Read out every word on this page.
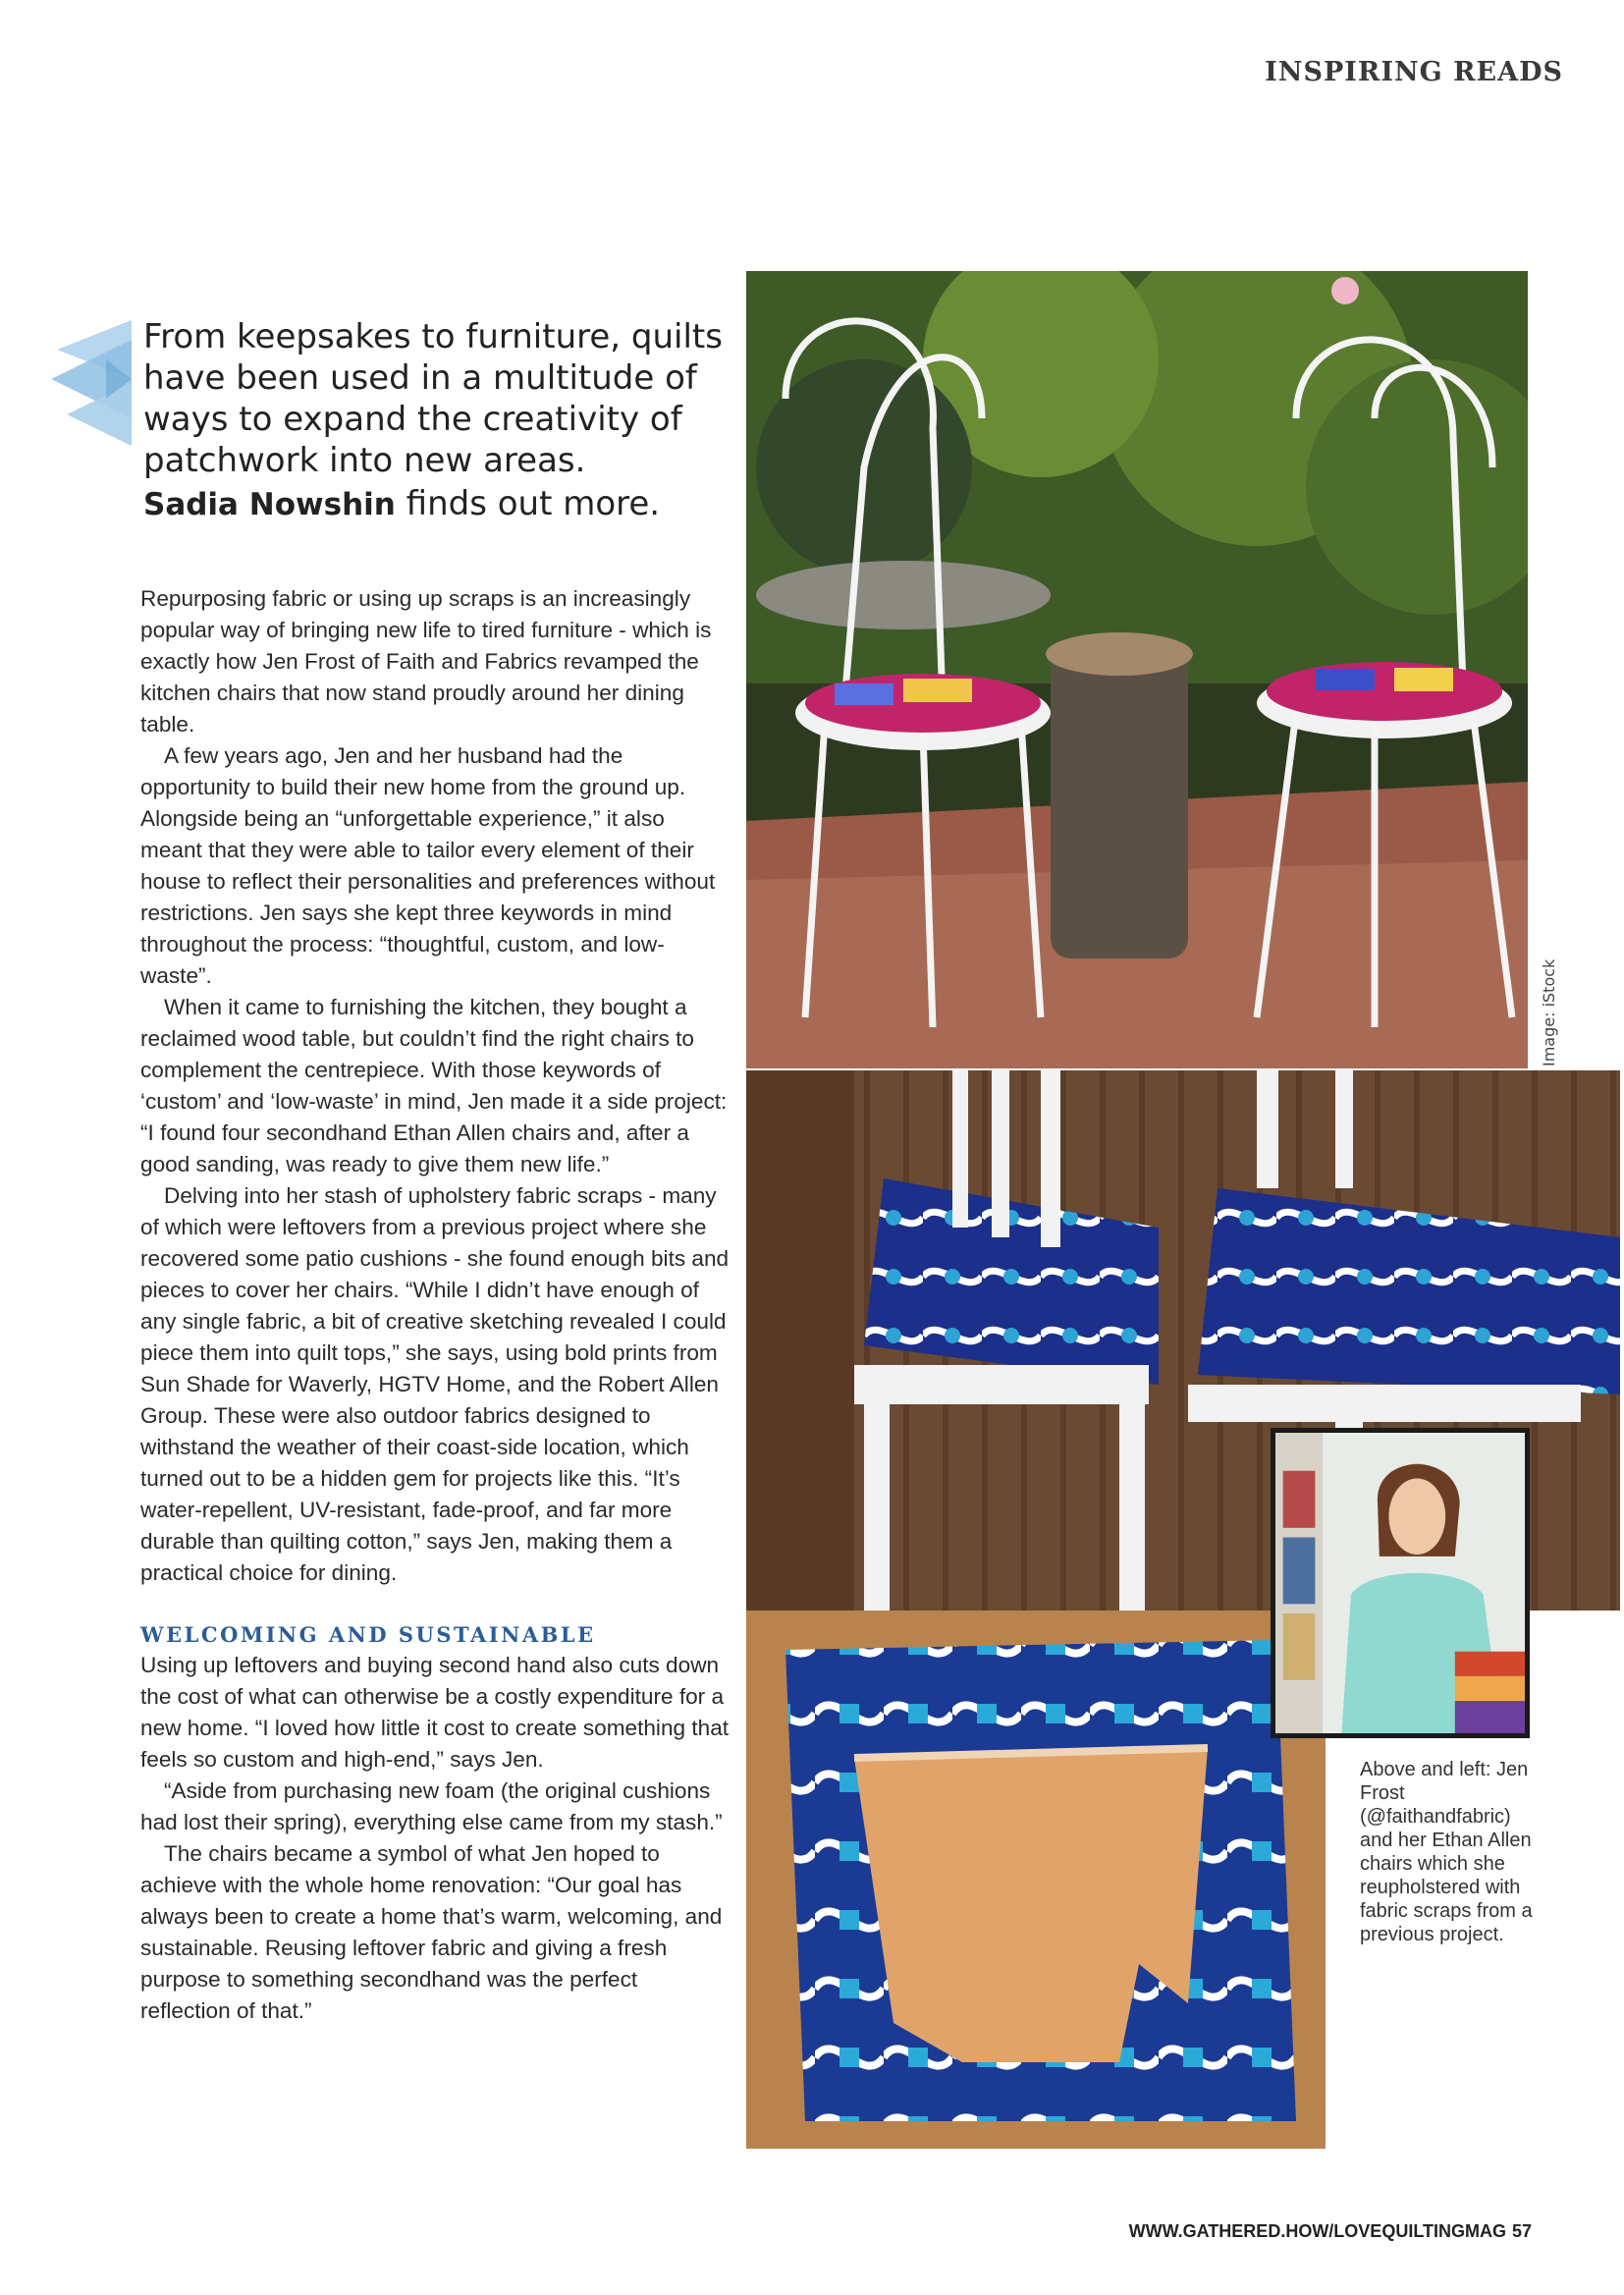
INSPIRING READS
From keepsakes to furniture, quilts
have been used in a multitude of
ways to expand the creativity of
patchwork into new areas.
Sadia Nowshin finds out more.

Repurposing fabric or using up scraps is an increasingly popular way of bringing new life to tired furniture - which is exactly how Jen Frost of Faith and Fabrics revamped the kitchen chairs that now stand proudly around her dining table.

A few years ago, Jen and her husband had the opportunity to build their new home from the ground up. Alongside being an “unforgettable experience,” it also meant that they were able to tailor every element of their house to reflect their personalities and preferences without restrictions. Jen says she kept three keywords in mind throughout the process: “thoughtful, custom, and low-waste”.

When it came to furnishing the kitchen, they bought a reclaimed wood table, but couldn’t find the right chairs to complement the centrepiece. With those keywords of ‘custom’ and ‘low-waste’ in mind, Jen made it a side project: “I found four secondhand Ethan Allen chairs and, after a good sanding, was ready to give them new life.”

Delving into her stash of upholstery fabric scraps - many of which were leftovers from a previous project where she recovered some patio cushions - she found enough bits and pieces to cover her chairs. “While I didn’t have enough of any single fabric, a bit of creative sketching revealed I could piece them into quilt tops,” she says, using bold prints from Sun Shade for Waverly, HGTV Home, and the Robert Allen Group. These were also outdoor fabrics designed to withstand the weather of their coast-side location, which turned out to be a hidden gem for projects like this. “It’s water-repellent, UV-resistant, fade-proof, and far more durable than quilting cotton,” says Jen, making them a practical choice for dining.

WELCOMING AND SUSTAINABLE

Using up leftovers and buying second hand also cuts down the cost of what can otherwise be a costly expenditure for a new home. “I loved how little it cost to create something that feels so custom and high-end,” says Jen.

“Aside from purchasing new foam (the original cushions had lost their spring), everything else came from my stash.”

The chairs became a symbol of what Jen hoped to achieve with the whole home renovation: “Our goal has always been to create a home that’s warm, welcoming, and sustainable. Reusing leftover fabric and giving a fresh purpose to something secondhand was the perfect reflection of that.”

Image: iStock
Above and left: Jen Frost (@faithandfabric) and her Ethan Allen chairs which she reupholstered with fabric scraps from a previous project.
WWW.GATHERED.HOW/LOVEQUILTINGMAG 57
